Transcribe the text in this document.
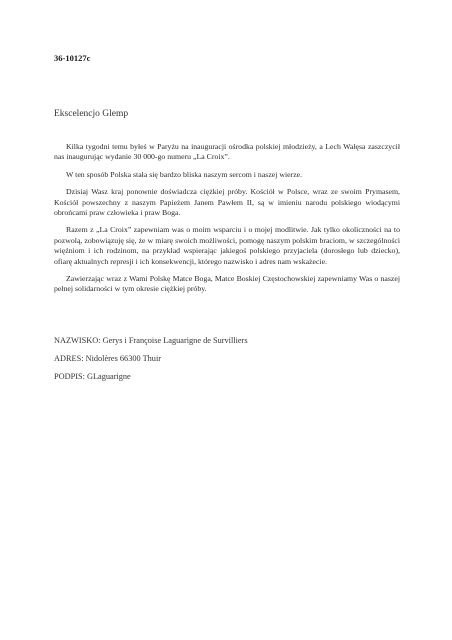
36-10127c
Ekscelencjo Glemp

Kilka tygodni temu byłeś w Paryżu na inauguracji ośrodka polskiej młodzieży, a Lech Wałęsa zaszczycił nas inaugurując wydanie 30 000-go numeru „La Croix”.

W ten sposób Polska stała się bardzo bliska naszym sercom i naszej wierze.

Dzisiaj Wasz kraj ponownie doświadcza ciężkiej próby. Kościół w Polsce, wraz ze swoim Prymasem, Kościół powszechny z naszym Papieżem Janem Pawłem II, są w imieniu narodu polskiego wiodącymi obrońcami praw człowieka i praw Boga.

Razem z „La Croix” zapewniam was o moim wsparciu i o mojej modlitwie. Jak tylko okoliczności na to pozwolą, zobowiązuję się, że w miarę swoich możliwości, pomogę naszym polskim braciom, w szczególności więźniom i ich rodzinom, na przykład wspierając jakiegoś polskiego przyjaciela (dorosłego lub dziecko), ofiarę aktualnych represji i ich konsekwencji, którego nazwisko i adres nam wskażecie.

Zawierzając wraz z Wami Polskę Matce Boga, Matce Boskiej Częstochowskiej zapewniamy Was o naszej pełnej solidarności w tym okresie ciężkiej próby.

NAZWISKO: Gerys i Françoise Laguarigne de Survilliers
ADRES: Nidolères 66300 Thuir
PODPIS: GLaguarigne
